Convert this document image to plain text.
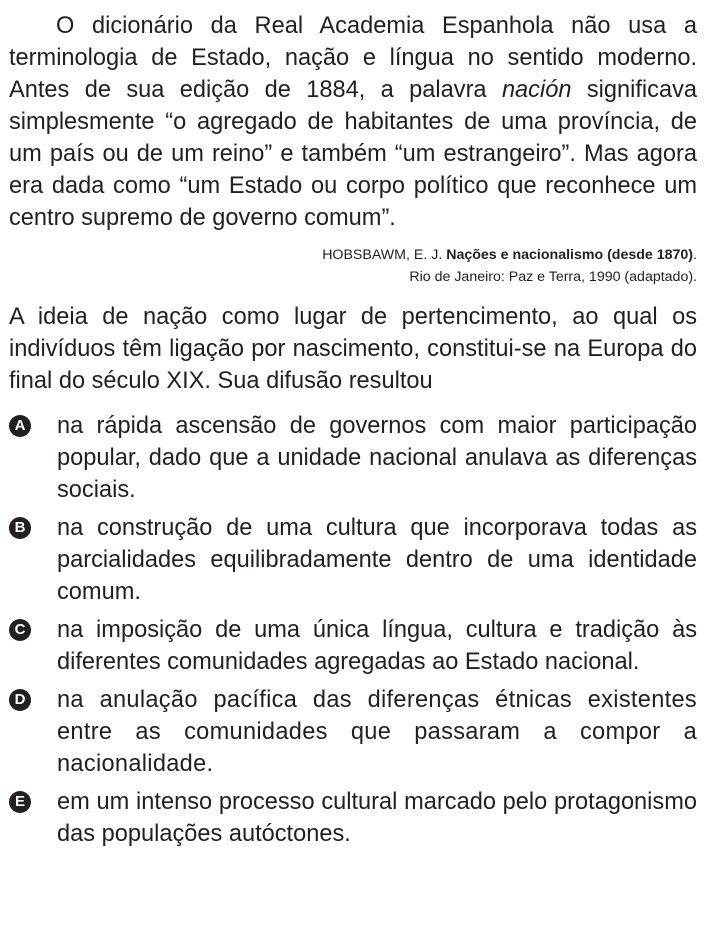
O dicionário da Real Academia Espanhola não usa a terminologia de Estado, nação e língua no sentido moderno. Antes de sua edição de 1884, a palavra nación significava simplesmente “o agregado de habitantes de uma província, de um país ou de um reino” e também “um estrangeiro”. Mas agora era dada como “um Estado ou corpo político que reconhece um centro supremo de governo comum”.

HOBSBAWM, E. J. Nações e nacionalismo (desde 1870).
Rio de Janeiro: Paz e Terra, 1990 (adaptado).

A ideia de nação como lugar de pertencimento, ao qual os indivíduos têm ligação por nascimento, constitui-se na Europa do final do século XIX. Sua difusão resultou

A na rápida ascensão de governos com maior participação popular, dado que a unidade nacional anulava as diferenças sociais.
B na construção de uma cultura que incorporava todas as parcialidades equilibradamente dentro de uma identidade comum.
C na imposição de uma única língua, cultura e tradição às diferentes comunidades agregadas ao Estado nacional.
D na anulação pacífica das diferenças étnicas existentes entre as comunidades que passaram a compor a nacionalidade.
E em um intenso processo cultural marcado pelo protagonismo das populações autóctones.
